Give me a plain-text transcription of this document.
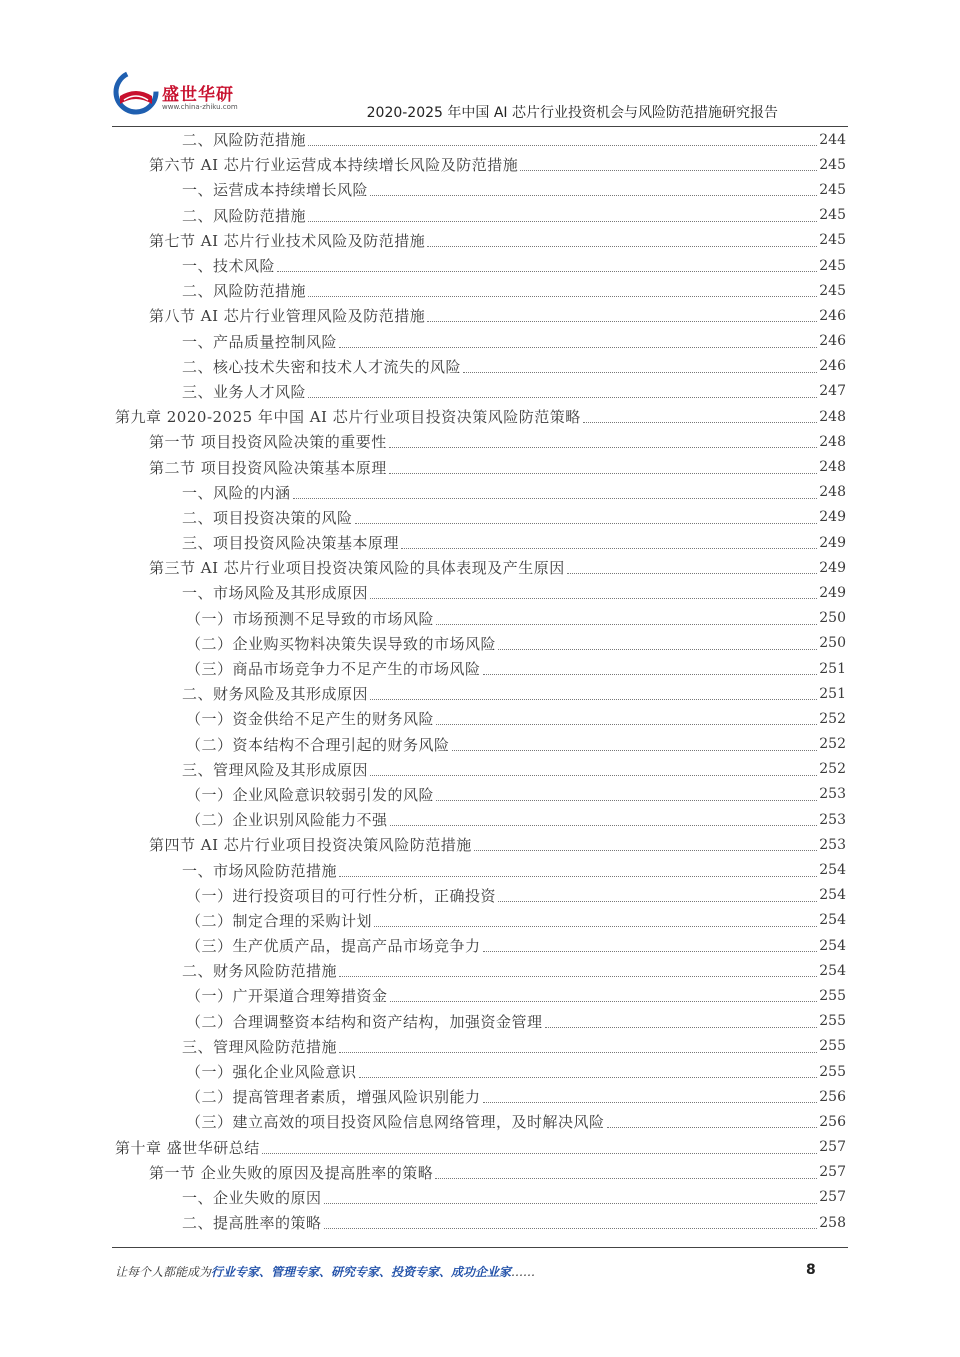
盛世华研
www.china-zhiku.com	2020-2025 年中国 AI 芯片行业投资机会与风险防范措施研究报告
二、风险防范措施	244
第六节 AI 芯片行业运营成本持续增长风险及防范措施	245
一、运营成本持续增长风险	245
二、风险防范措施	245
第七节 AI 芯片行业技术风险及防范措施	245
一、技术风险	245
二、风险防范措施	245
第八节 AI 芯片行业管理风险及防范措施	246
一、产品质量控制风险	246
二、核心技术失密和技术人才流失的风险	246
三、业务人才风险	247
第九章 2020-2025 年中国 AI 芯片行业项目投资决策风险防范策略	248
第一节 项目投资风险决策的重要性	248
第二节 项目投资风险决策基本原理	248
一、风险的内涵	248
二、项目投资决策的风险	249
三、项目投资风险决策基本原理	249
第三节 AI 芯片行业项目投资决策风险的具体表现及产生原因	249
一、市场风险及其形成原因	249
（一）市场预测不足导致的市场风险	250
（二）企业购买物料决策失误导致的市场风险	250
（三）商品市场竞争力不足产生的市场风险	251
二、财务风险及其形成原因	251
（一）资金供给不足产生的财务风险	252
（二）资本结构不合理引起的财务风险	252
三、管理风险及其形成原因	252
（一）企业风险意识较弱引发的风险	253
（二）企业识别风险能力不强	253
第四节 AI 芯片行业项目投资决策风险防范措施	253
一、市场风险防范措施	254
（一）进行投资项目的可行性分析，正确投资	254
（二）制定合理的采购计划	254
（三）生产优质产品，提高产品市场竞争力	254
二、财务风险防范措施	254
（一）广开渠道合理筹措资金	255
（二）合理调整资本结构和资产结构，加强资金管理	255
三、管理风险防范措施	255
（一）强化企业风险意识	255
（二）提高管理者素质，增强风险识别能力	256
（三）建立高效的项目投资风险信息网络管理，及时解决风险	256
第十章 盛世华研总结	257
第一节 企业失败的原因及提高胜率的策略	257
一、企业失败的原因	257
二、提高胜率的策略	258
让每个人都能成为行业专家、管理专家、研究专家、投资专家、成功企业家……	8
